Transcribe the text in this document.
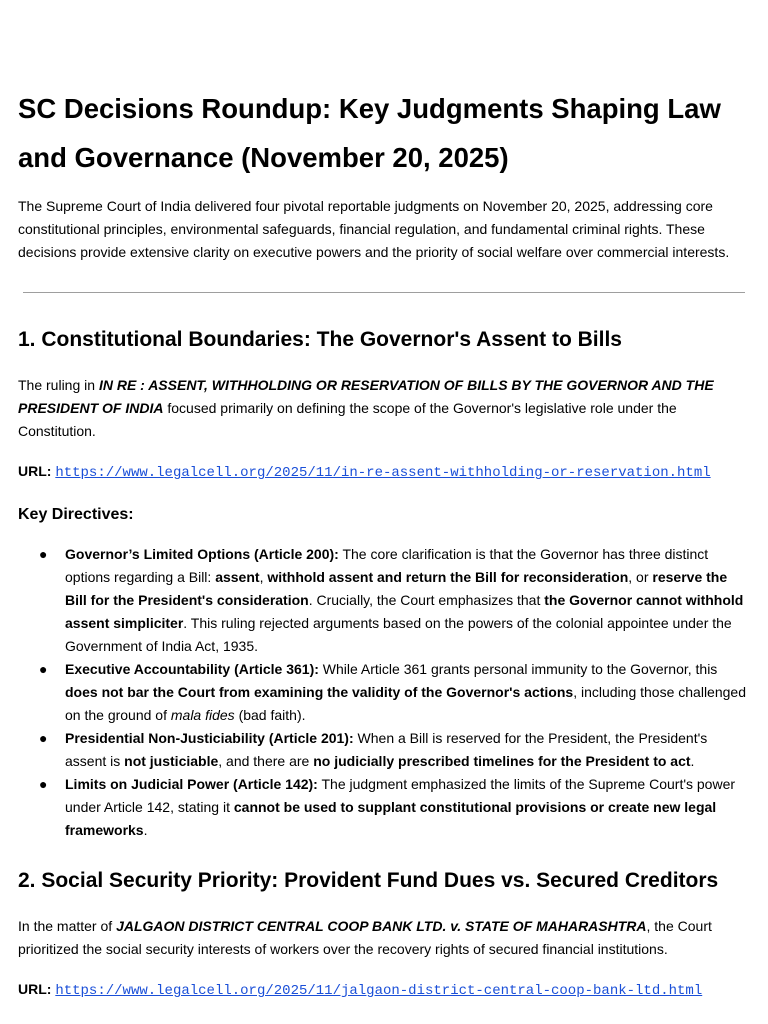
SC Decisions Roundup: Key Judgments Shaping Law and Governance (November 20, 2025)

The Supreme Court of India delivered four pivotal reportable judgments on November 20, 2025, addressing core constitutional principles, environmental safeguards, financial regulation, and fundamental criminal rights. These decisions provide extensive clarity on executive powers and the priority of social welfare over commercial interests.

1. Constitutional Boundaries: The Governor's Assent to Bills

The ruling in IN RE : ASSENT, WITHHOLDING OR RESERVATION OF BILLS BY THE GOVERNOR AND THE PRESIDENT OF INDIA focused primarily on defining the scope of the Governor's legislative role under the Constitution.

URL: https://www.legalcell.org/2025/11/in-re-assent-withholding-or-reservation.html

Key Directives:
● Governor’s Limited Options (Article 200): The core clarification is that the Governor has three distinct options regarding a Bill: assent, withhold assent and return the Bill for reconsideration, or reserve the Bill for the President's consideration. Crucially, the Court emphasizes that the Governor cannot withhold assent simpliciter. This ruling rejected arguments based on the powers of the colonial appointee under the Government of India Act, 1935.
● Executive Accountability (Article 361): While Article 361 grants personal immunity to the Governor, this does not bar the Court from examining the validity of the Governor's actions, including those challenged on the ground of mala fides (bad faith).
● Presidential Non-Justiciability (Article 201): When a Bill is reserved for the President, the President's assent is not justiciable, and there are no judicially prescribed timelines for the President to act.
● Limits on Judicial Power (Article 142): The judgment emphasized the limits of the Supreme Court's power under Article 142, stating it cannot be used to supplant constitutional provisions or create new legal frameworks.
2. Social Security Priority: Provident Fund Dues vs. Secured Creditors

In the matter of JALGAON DISTRICT CENTRAL COOP BANK LTD. v. STATE OF MAHARASHTRA, the Court prioritized the social security interests of workers over the recovery rights of secured financial institutions.

URL: https://www.legalcell.org/2025/11/jalgaon-district-central-coop-bank-ltd.html
